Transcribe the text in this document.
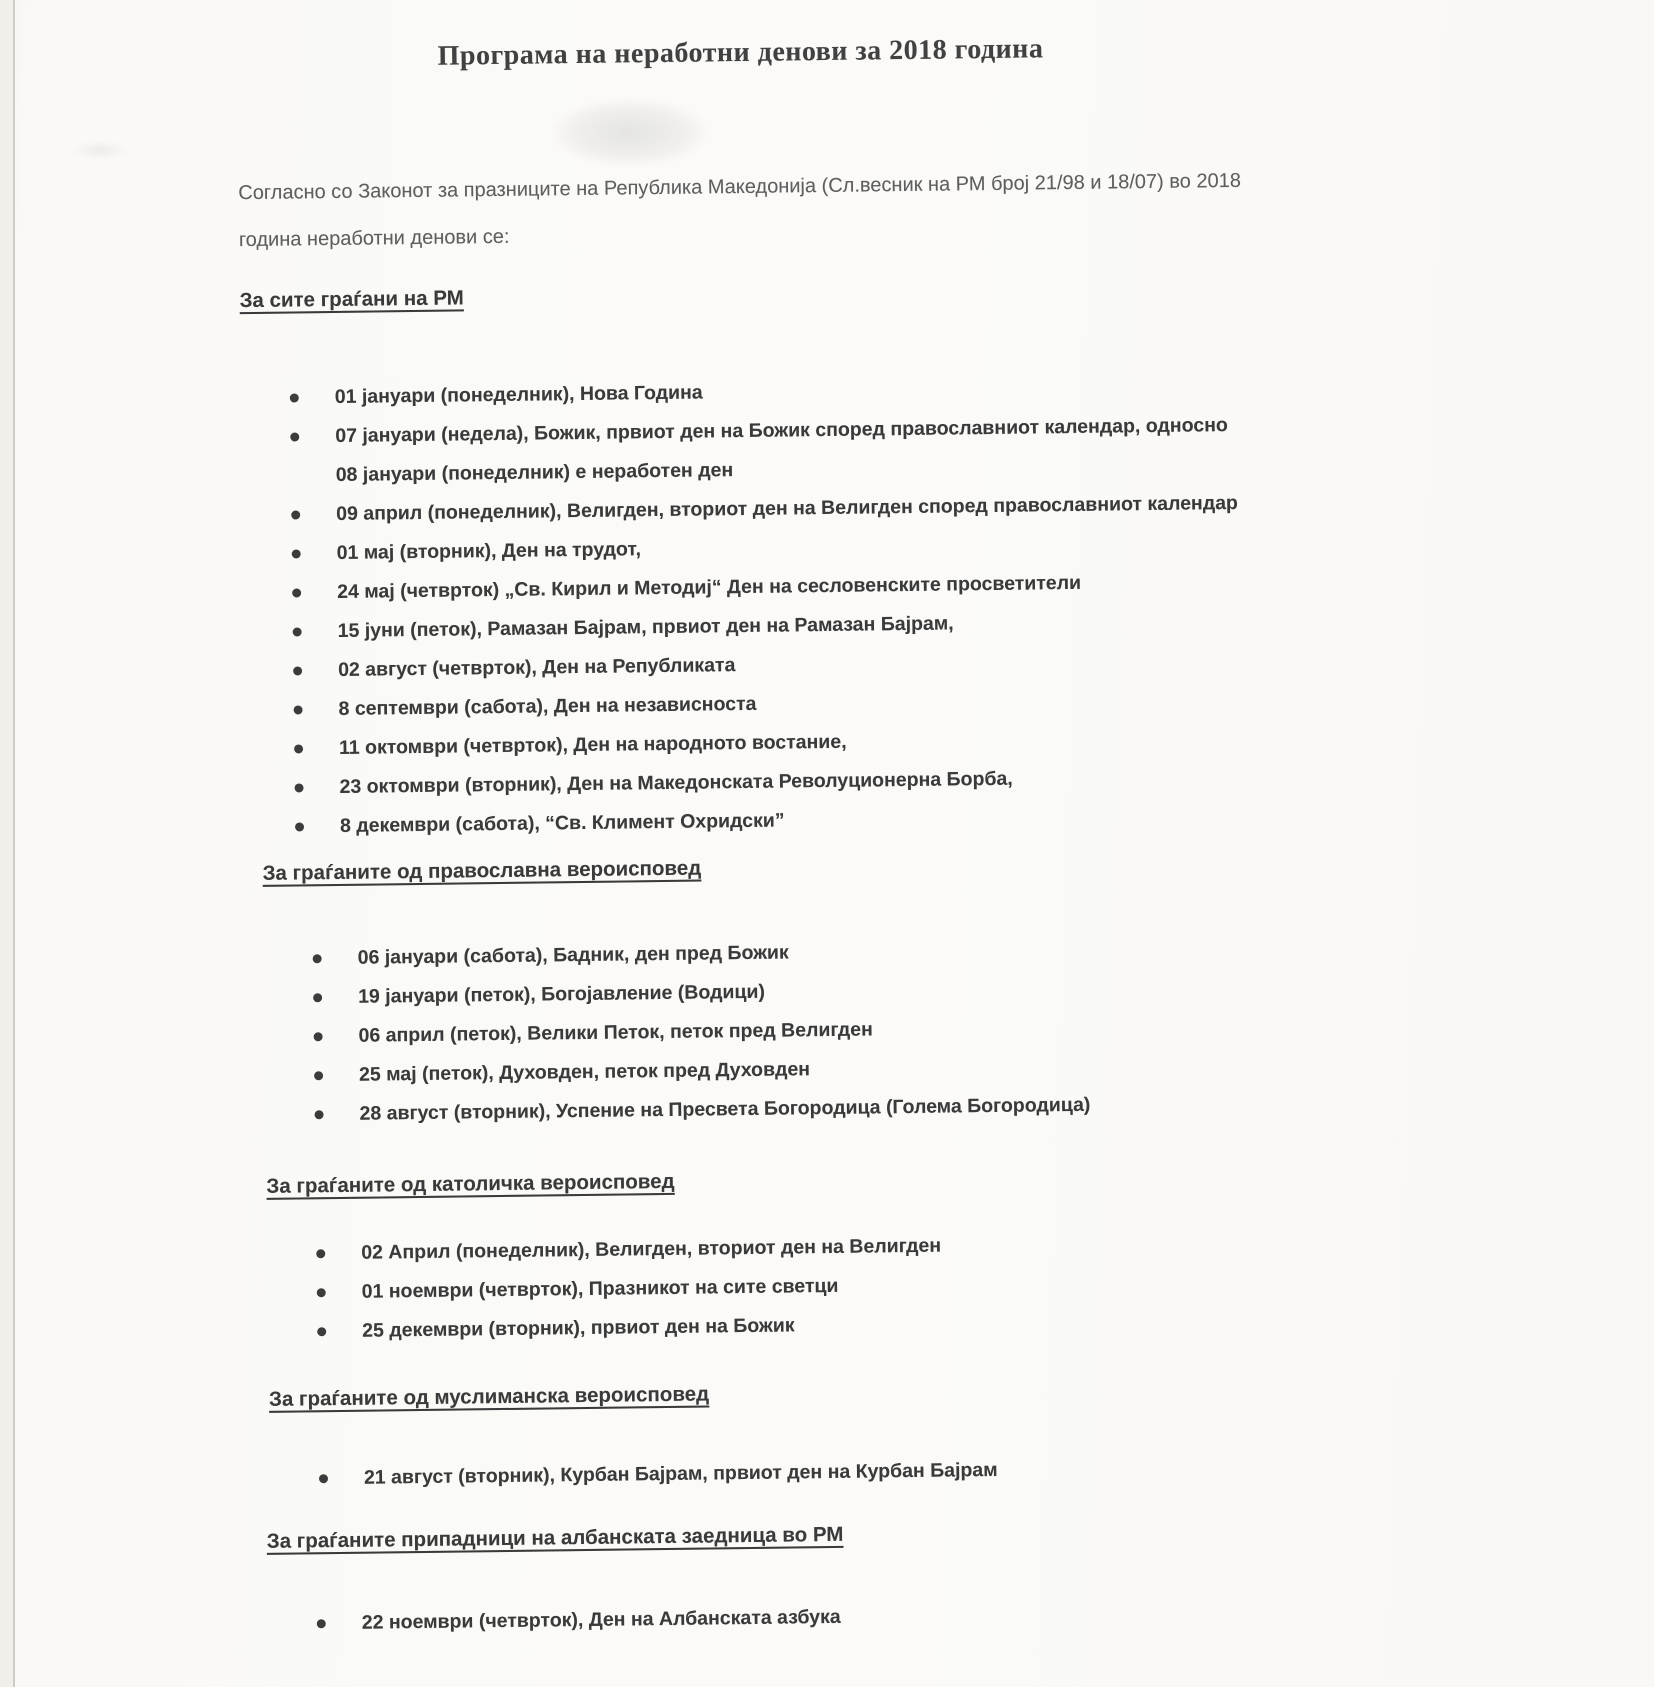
Програма на неработни денови за 2018 година

Согласно со Законот за празниците на Република Македонија (Сл.весник на РМ број 21/98 и 18/07) во 2018 година неработни денови се:

За сите граѓани на РМ
01 јануари (понеделник), Нова Година
07 јануари (недела), Божик, првиот ден на Божик според православниот календар, односно
08 јануари (понеделник) е неработен ден
09 април (понеделник), Велигден, вториот ден на Велигден според православниот календар
01 мај (вторник), Ден на трудот,
24 мај (четврток) „Св. Кирил и Методиј“ Ден на сесловенските просветители
15 јуни (петок), Рамазан Бајрам, првиот ден на Рамазан Бајрам,
02 август (четврток), Ден на Републиката
8 септември (сабота), Ден на независноста
11 октомври (четврток), Ден на народното востание,
23 октомври (вторник), Ден на Македонската Револуционерна Борба,
8 декември (сабота), “Св. Климент Охридски”
За граѓаните од православна вероисповед
06 јануари (сабота), Бадник, ден пред Божик
19 јануари (петок), Богојавление (Водици)
06 април (петок), Велики Петок, петок пред Велигден
25 мај (петок), Духовден, петок пред Духовден
28 август (вторник), Успение на Пресвета Богородица (Голема Богородица)
За граѓаните од католичка вероисповед
02 Април (понеделник), Велигден, вториот ден на Велигден
01 ноември (четврток), Празникот на сите светци
25 декември (вторник), првиот ден на Божик
За граѓаните од муслиманска вероисповед
21 август (вторник), Курбан Бајрам, првиот ден на Курбан Бајрам
За граѓаните припадници на албанската заедница во РМ
22 ноември (четврток), Ден на Албанската азбука
